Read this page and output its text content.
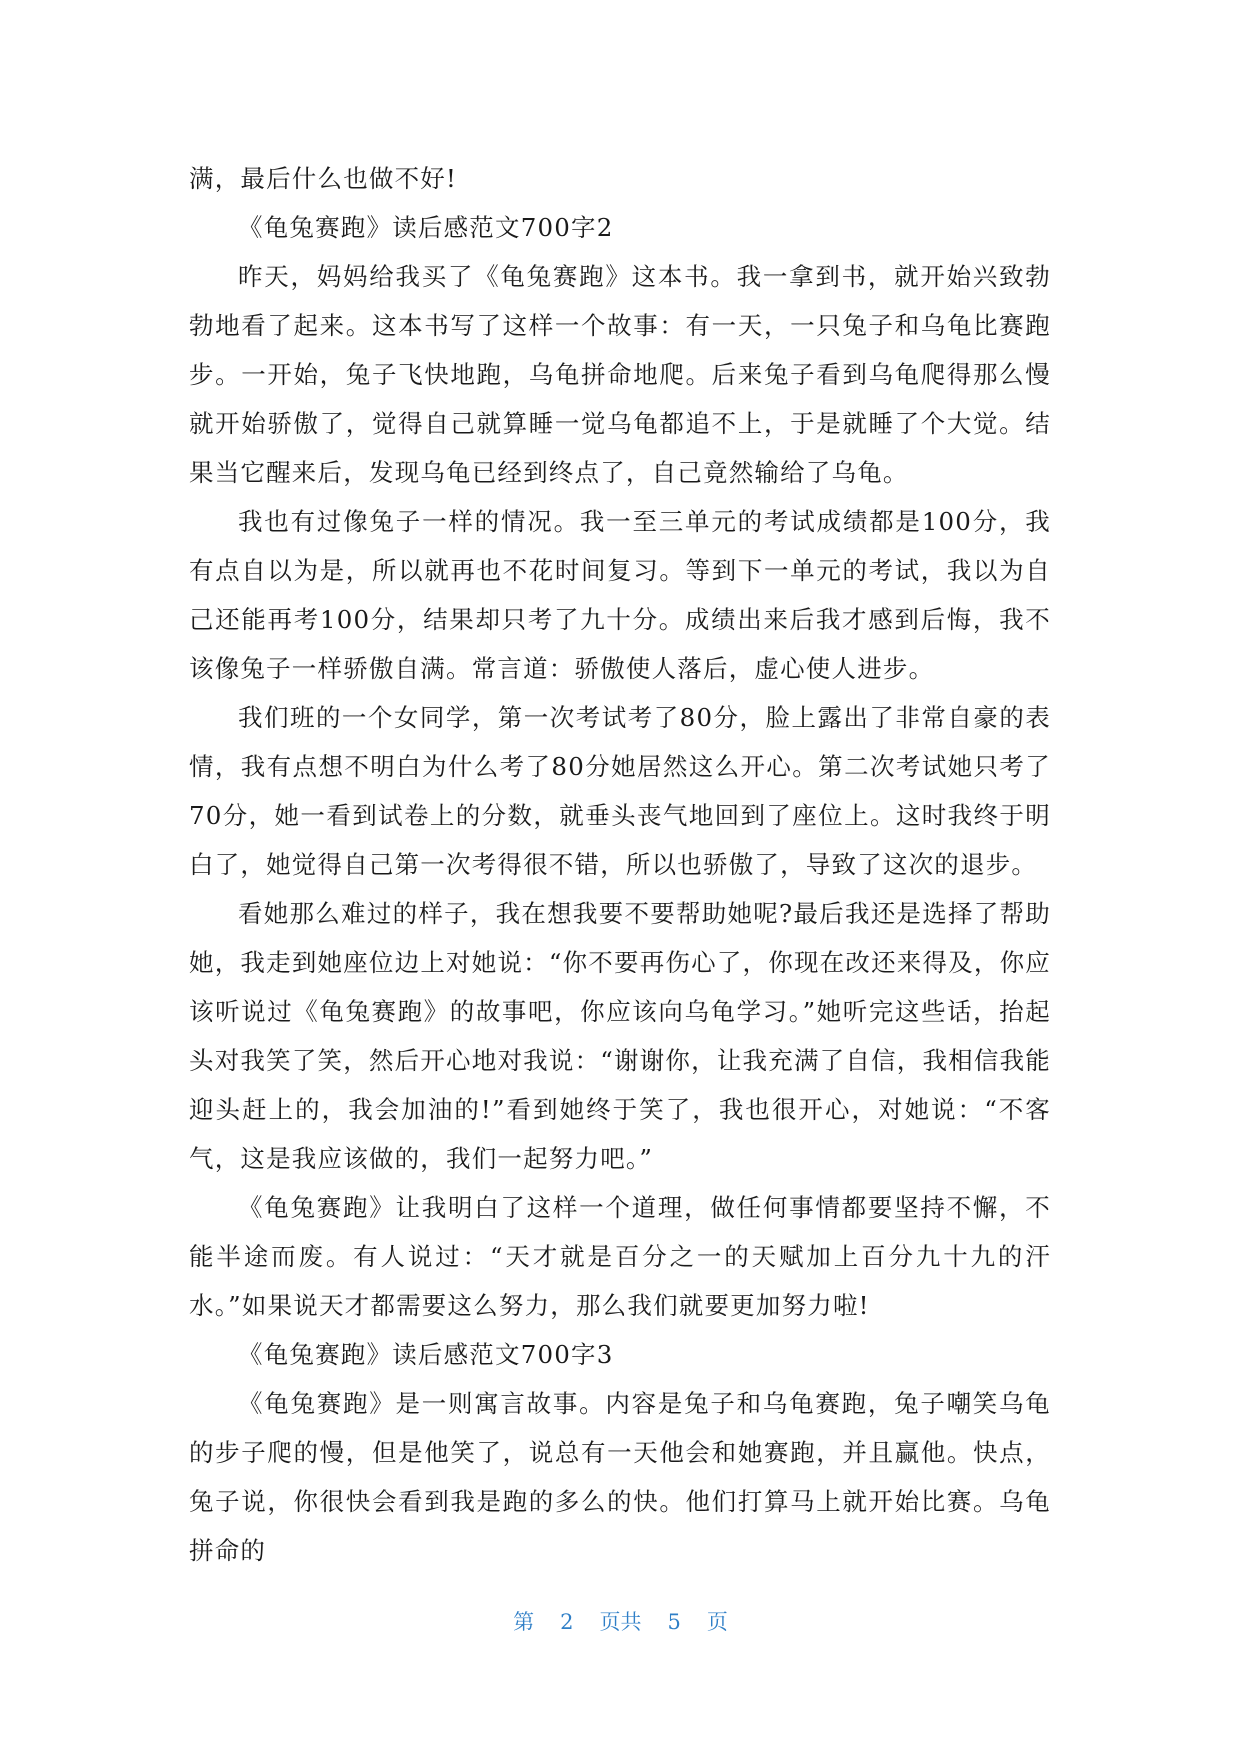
满，最后什么也做不好!

《龟兔赛跑》读后感范文700字2

昨天，妈妈给我买了《龟兔赛跑》这本书。我一拿到书，就开始兴致勃勃地看了起来。这本书写了这样一个故事：有一天，一只兔子和乌龟比赛跑步。一开始，兔子飞快地跑，乌龟拼命地爬。后来兔子看到乌龟爬得那么慢就开始骄傲了，觉得自己就算睡一觉乌龟都追不上，于是就睡了个大觉。结果当它醒来后，发现乌龟已经到终点了，自己竟然输给了乌龟。

我也有过像兔子一样的情况。我一至三单元的考试成绩都是100分，我有点自以为是，所以就再也不花时间复习。等到下一单元的考试，我以为自己还能再考100分，结果却只考了九十分。成绩出来后我才感到后悔，我不该像兔子一样骄傲自满。常言道：骄傲使人落后，虚心使人进步。

我们班的一个女同学，第一次考试考了80分，脸上露出了非常自豪的表情，我有点想不明白为什么考了80分她居然这么开心。第二次考试她只考了70分，她一看到试卷上的分数，就垂头丧气地回到了座位上。这时我终于明白了，她觉得自己第一次考得很不错，所以也骄傲了，导致了这次的退步。

看她那么难过的样子，我在想我要不要帮助她呢?最后我还是选择了帮助她，我走到她座位边上对她说：“你不要再伤心了，你现在改还来得及，你应该听说过《龟兔赛跑》的故事吧，你应该向乌龟学习。”她听完这些话，抬起头对我笑了笑，然后开心地对我说：“谢谢你，让我充满了自信，我相信我能迎头赶上的，我会加油的!”看到她终于笑了，我也很开心，对她说：“不客气，这是我应该做的，我们一起努力吧。”

《龟兔赛跑》让我明白了这样一个道理，做任何事情都要坚持不懈，不能半途而废。有人说过：“天才就是百分之一的天赋加上百分九十九的汗水。”如果说天才都需要这么努力，那么我们就要更加努力啦!

《龟兔赛跑》读后感范文700字3

《龟兔赛跑》是一则寓言故事。内容是兔子和乌龟赛跑，兔子嘲笑乌龟的步子爬的慢，但是他笑了，说总有一天他会和她赛跑，并且赢他。快点，兔子说，你很快会看到我是跑的多么的快。他们打算马上就开始比赛。乌龟拼命的

第 2 页共 5 页
